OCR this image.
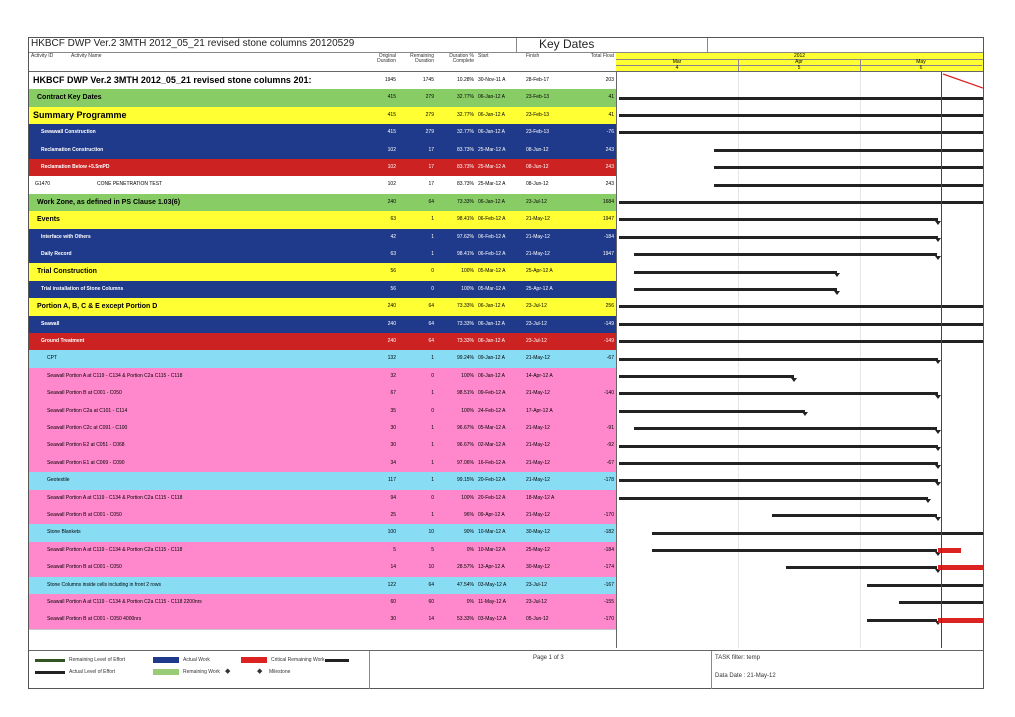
HKBCF DWP Ver.2 3MTH 2012_05_21 revised stone columns 20120529	Key Dates
Activity ID	Activity Name	Original Duration
Remaining Duration
Duration % Complete
Start	Finish	Total Float	2012
Mar	Apr	May
4	5	6
HKBCF DWP Ver.2 3MTH 2012_05_21 revised stone columns 201:	1945	1745	10.28% 30-Nov-11 A	28-Feb-17	203
Contract Key Dates	415	279	32.77% 06-Jan-12 A	23-Feb-13	41
Summary Programme	415	279	32.77% 06-Jan-12 A	23-Feb-13	41
Sewawall Construction	415	279	32.77% 06-Jan-12 A	23-Feb-13	-76
Reclamation Construction	102	17	83.73% 25-Mar-12 A	08-Jun-12	243
Reclamation Below +5.5mPD	102	17	83.73% 25-Mar-12 A	08-Jun-12	243
G1470	CONE PENETRATION TEST	102	17	83.73% 25-Mar-12 A	08-Jun-12	243
Work Zone, as defined in PS Clause 1.03(6)	240	64	73.33% 06-Jan-12 A	23-Jul-12	1684
Events	63	1	98.41% 06-Feb-12 A	21-May-12	1947
Interface with Others	42	1	97.62% 06-Feb-12 A	21-May-12	-184
Daily Record	63	1	98.41% 06-Feb-12 A	21-May-12	1947
Trial Construction	56	0	100% 05-Mar-12 A	25-Apr-12 A
Trial installation of Stone Columns	56	0	100% 05-Mar-12 A	25-Apr-12 A
Portion A, B, C & E except Portion D	240	64	73.33% 06-Jan-12 A	23-Jul-12	256
Seawall	240	64	73.33% 06-Jan-12 A	23-Jul-12	-149
Ground Treatment	240	64	73.33% 06-Jan-12 A	23-Jul-12	-149
CPT	132	1	99.24% 09-Jan-12 A	21-May-12	-67
Seawall Portion A at C119 - C134 & Portion C2a C115 - C118	32	0	100% 06-Jan-12 A	14-Apr-12 A
Seawall Portion B at C001 - C050	67	1	98.51% 09-Feb-12 A	21-May-12	-140
Seawall Portion C2a at C101 - C114	35	0	100% 24-Feb-12 A	17-Apr-12 A
Seawall Portion C2c at C091 - C100	30	1	96.67% 05-Mar-12 A	21-May-12	-91
Seawall Portion E2 at C051 - C068	30	1	96.67% 02-Mar-12 A	21-May-12	-92
Seawall Portion E1 at C069 - C090	34	1	97.06% 16-Feb-12 A	21-May-12	-67
Geotextile	117	1	99.15% 20-Feb-12 A	21-May-12	-178
Seawall Portion A at C119 - C134 & Portion C2a C115 - C118	94	0	100% 20-Feb-12 A	18-May-12 A
Seawall Portion B at C001 - C050	25	1	96% 09-Apr-12 A	21-May-12	-170
Stone Blankets	100	10	90% 10-Mar-12 A	30-May-12	-182
Seawall Portion A at C119 - C134 & Portion C2a C115 - C118	5	5	0% 10-Mar-12 A	25-May-12	-184
Seawall Portion B at C001 - C050	14	10	28.57% 13-Apr-12 A	30-May-12	-174
Stone Columns inside cells including in front 2 rows	122	64	47.54% 03-May-12 A	23-Jul-12	-167
Seawall Portion A at C119 - C134 & Portion C2a C115 - C118 2200nrs	60	60	0% 11-May-12 A	23-Jul-12	-155
Seawall Portion B at C001 - C050 4000nrs	30	14	53.33% 03-May-12 A	05-Jun-12	-170
Remaining Level of Effort
Actual Level of Effort
Actual Work
Remaining Work ◆
Critical Remaining Work
◆ Milestone
Page 1 of 3	TASK filter: temp
Data Date : 21-May-12
